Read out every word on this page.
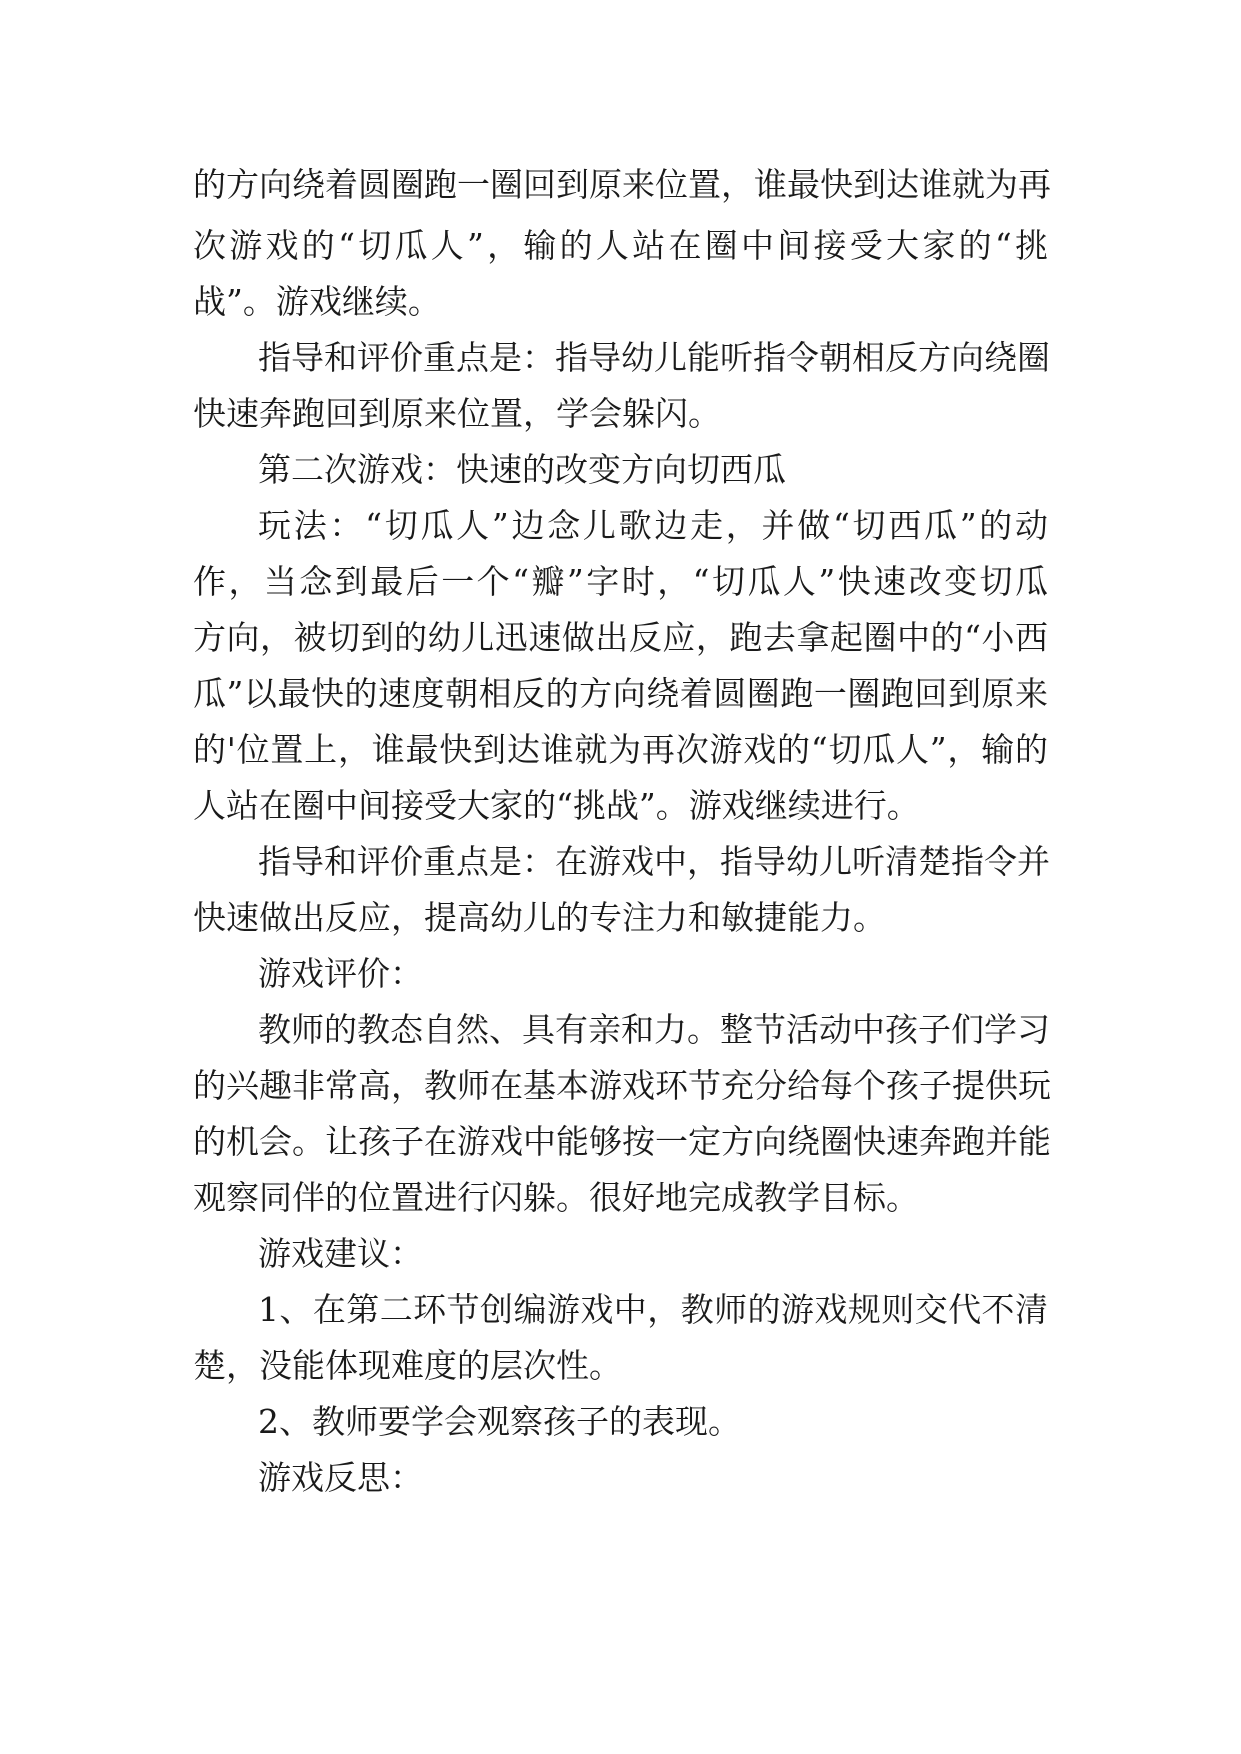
的方向绕着圆圈跑一圈回到原来位置，谁最快到达谁就为再
次游戏的“切瓜人”，输的人站在圈中间接受大家的“挑
战”。游戏继续。
指导和评价重点是：指导幼儿能听指令朝相反方向绕圈
快速奔跑回到原来位置，学会躲闪。
第二次游戏：快速的改变方向切西瓜
玩法：“切瓜人”边念儿歌边走，并做“切西瓜”的动
作，当念到最后一个“瓣”字时，“切瓜人”快速改变切瓜
方向，被切到的幼儿迅速做出反应，跑去拿起圈中的“小西
瓜”以最快的速度朝相反的方向绕着圆圈跑一圈跑回到原来
的'位置上，谁最快到达谁就为再次游戏的“切瓜人”，输的
人站在圈中间接受大家的“挑战”。游戏继续进行。
指导和评价重点是：在游戏中，指导幼儿听清楚指令并
快速做出反应，提高幼儿的专注力和敏捷能力。
游戏评价：
教师的教态自然、具有亲和力。整节活动中孩子们学习
的兴趣非常高，教师在基本游戏环节充分给每个孩子提供玩
的机会。让孩子在游戏中能够按一定方向绕圈快速奔跑并能
观察同伴的位置进行闪躲。很好地完成教学目标。
游戏建议：
1、在第二环节创编游戏中，教师的游戏规则交代不清
楚，没能体现难度的层次性。
2、教师要学会观察孩子的表现。
游戏反思：
